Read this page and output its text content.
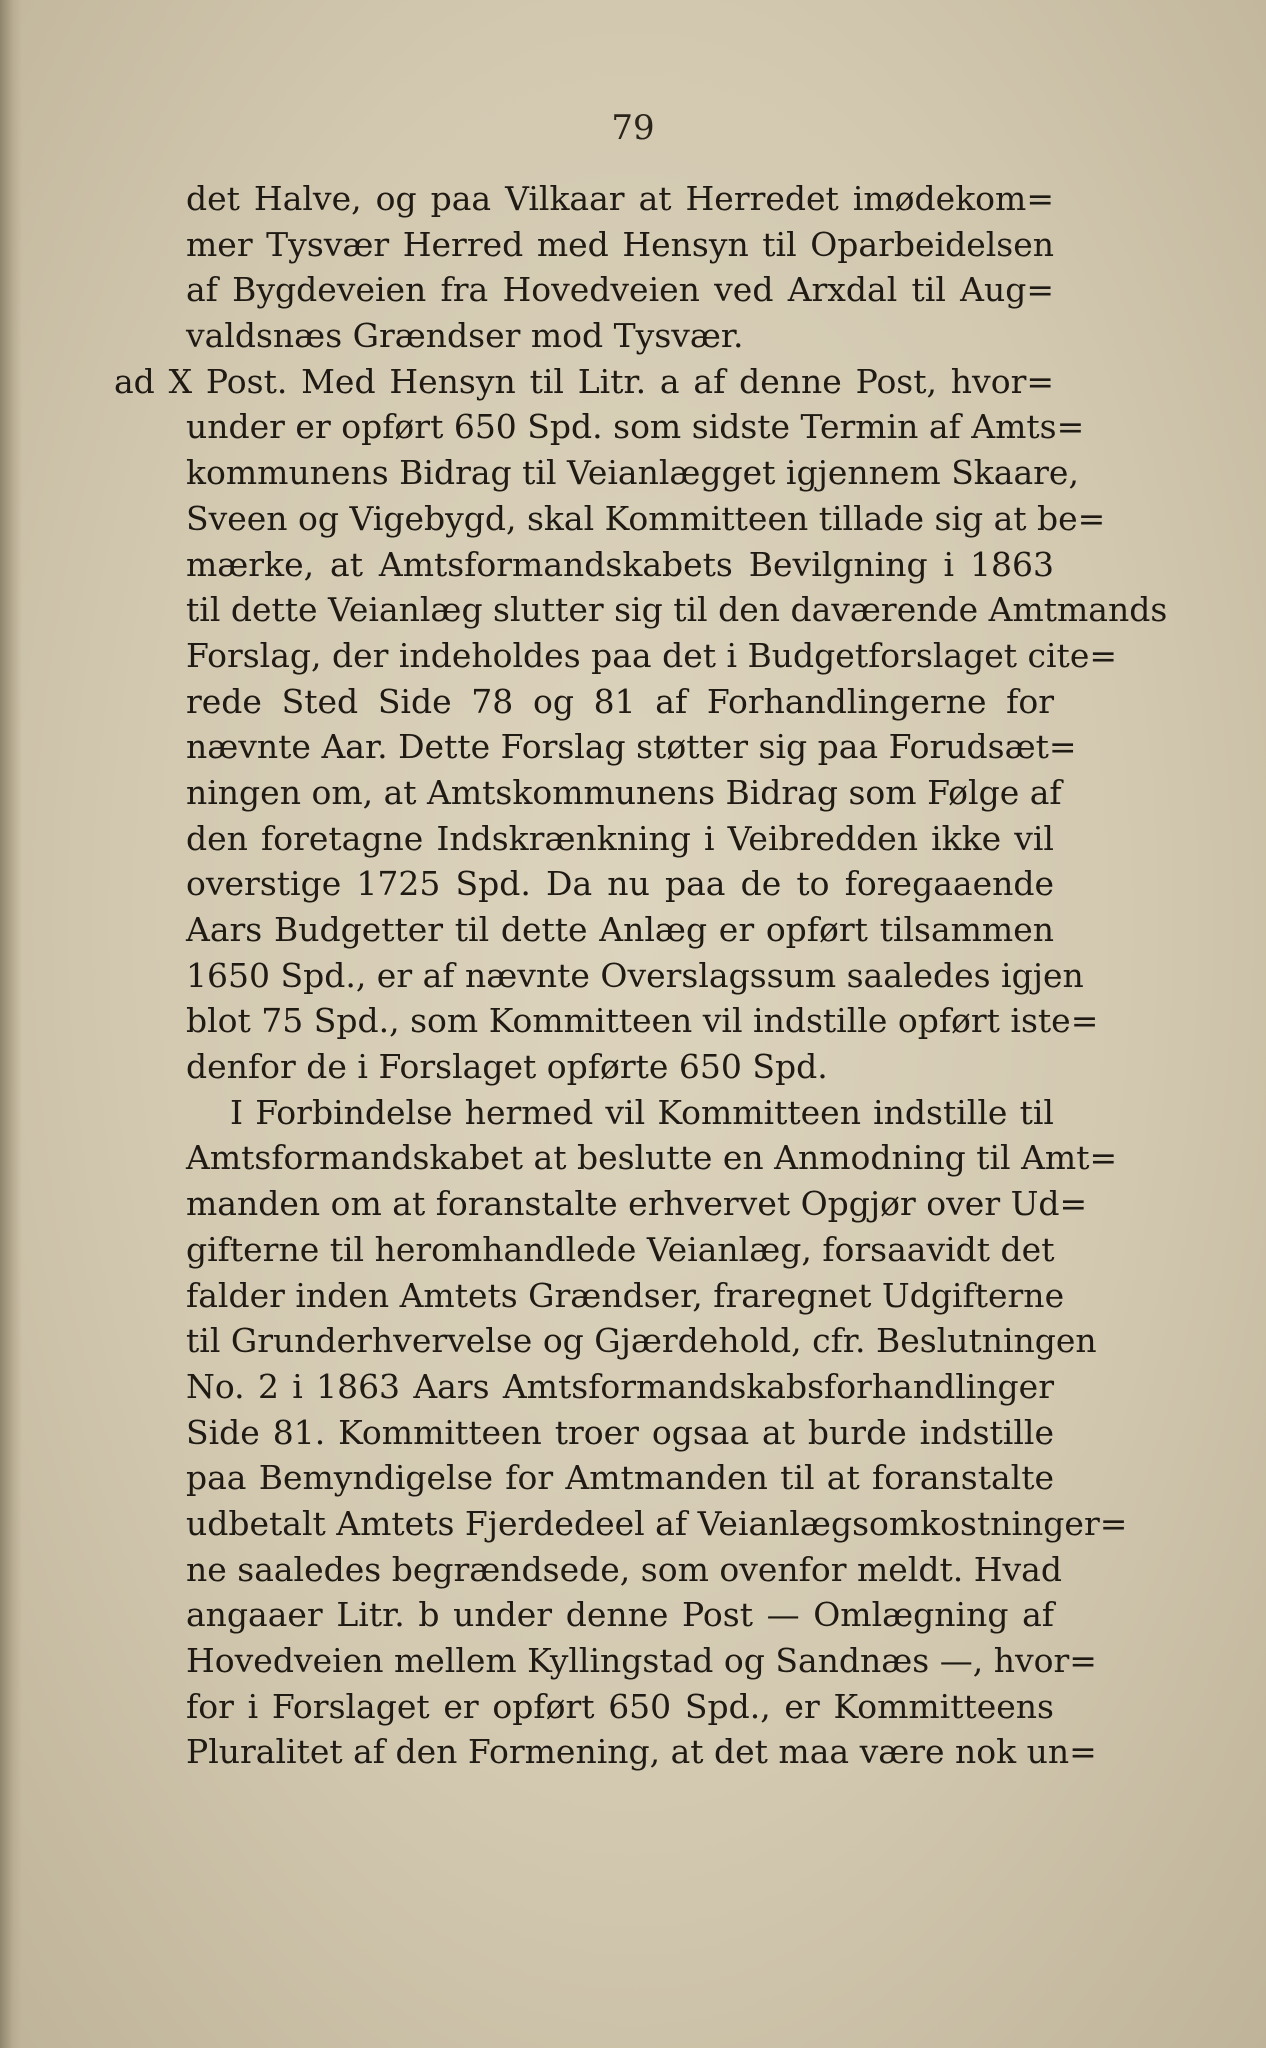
79

det Halve, og paa Vilkaar at Herredet imødekom=
mer Tysvær Herred med Hensyn til Oparbeidelsen
af Bygdeveien fra Hovedveien ved Arxdal til Aug=
valdsnæs Grændser mod Tysvær.
ad X Post. Med Hensyn til Litr. a af denne Post, hvor=
under er opført 650 Spd. som sidste Termin af Amts=
kommunens Bidrag til Veianlægget igjennem Skaare,
Sveen og Vigebygd, skal Kommitteen tillade sig at be=
mærke, at Amtsformandskabets Bevilgning i 1863
til dette Veianlæg slutter sig til den daværende Amtmands
Forslag, der indeholdes paa det i Budgetforslaget cite=
rede Sted Side 78 og 81 af Forhandlingerne for
nævnte Aar. Dette Forslag støtter sig paa Forudsæt=
ningen om, at Amtskommunens Bidrag som Følge af
den foretagne Indskrænkning i Veibredden ikke vil
overstige 1725 Spd. Da nu paa de to foregaaende
Aars Budgetter til dette Anlæg er opført tilsammen
1650 Spd., er af nævnte Overslagssum saaledes igjen
blot 75 Spd., som Kommitteen vil indstille opført iste=
denfor de i Forslaget opførte 650 Spd.
I Forbindelse hermed vil Kommitteen indstille til
Amtsformandskabet at beslutte en Anmodning til Amt=
manden om at foranstalte erhvervet Opgjør over Ud=
gifterne til heromhandlede Veianlæg, forsaavidt det
falder inden Amtets Grændser, fraregnet Udgifterne
til Grunderhvervelse og Gjærdehold, cfr. Beslutningen
No. 2 i 1863 Aars Amtsformandskabsforhandlinger
Side 81. Kommitteen troer ogsaa at burde indstille
paa Bemyndigelse for Amtmanden til at foranstalte
udbetalt Amtets Fjerdedeel af Veianlægsomkostninger=
ne saaledes begrændsede, som ovenfor meldt. Hvad
angaaer Litr. b under denne Post — Omlægning af
Hovedveien mellem Kyllingstad og Sandnæs —, hvor=
for i Forslaget er opført 650 Spd., er Kommitteens
Pluralitet af den Formening, at det maa være nok un=
